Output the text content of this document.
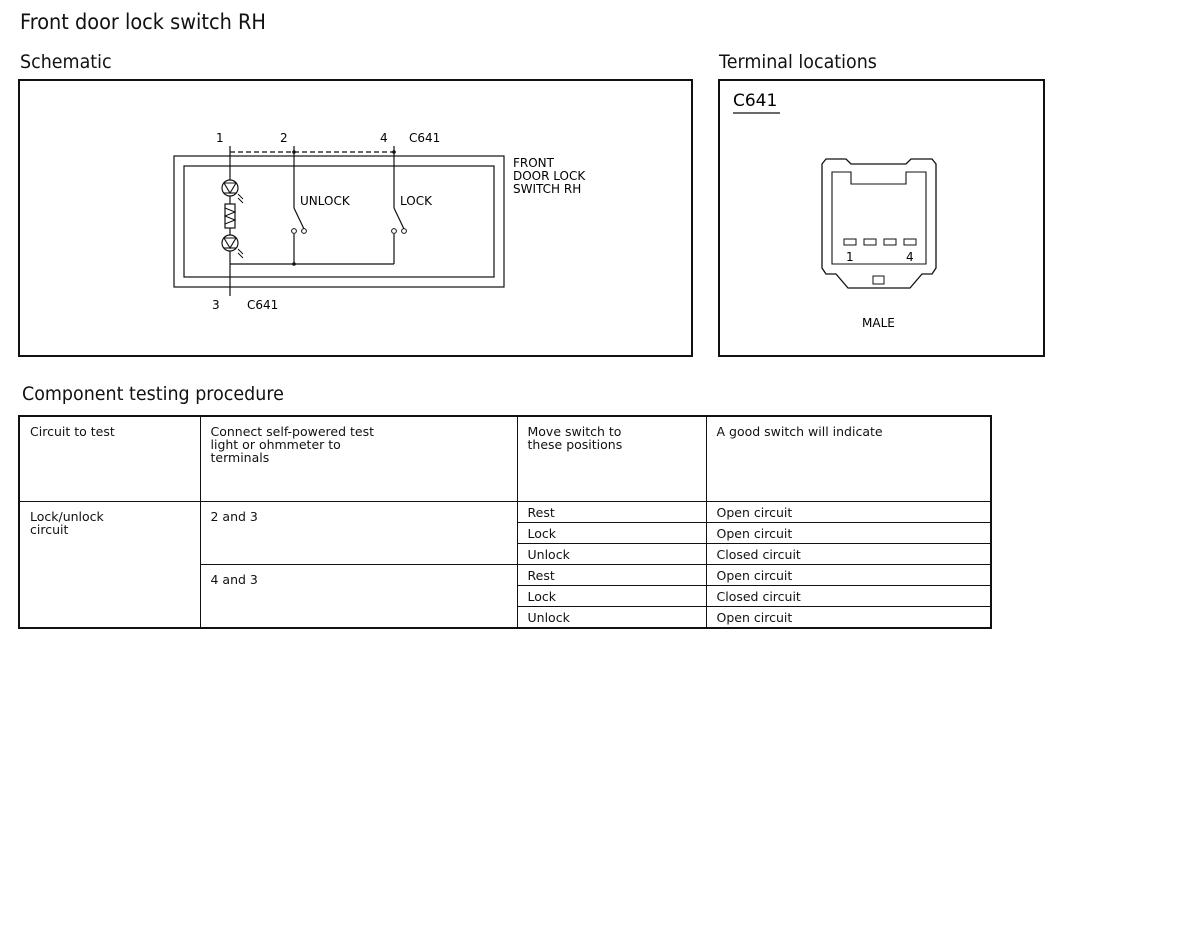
Front door lock switch RH
Schematic	Terminal locations
Component testing procedure
1	2	4 C641
3 C641
FRONT
DOOR LOCK
SWITCH RH
UNLOCK	LOCK
C641
1	4
MALE
Circuit to test	Connect self-powered test light or ohmmeter to terminals	Move switch to these positions	A good switch will indicate
Lock/unlock circuit	2 and 3	Rest	Open circuit
		Lock	Open circuit
		Unlock	Closed circuit
	4 and 3	Rest	Open circuit
		Lock	Closed circuit
		Unlock	Open circuit
